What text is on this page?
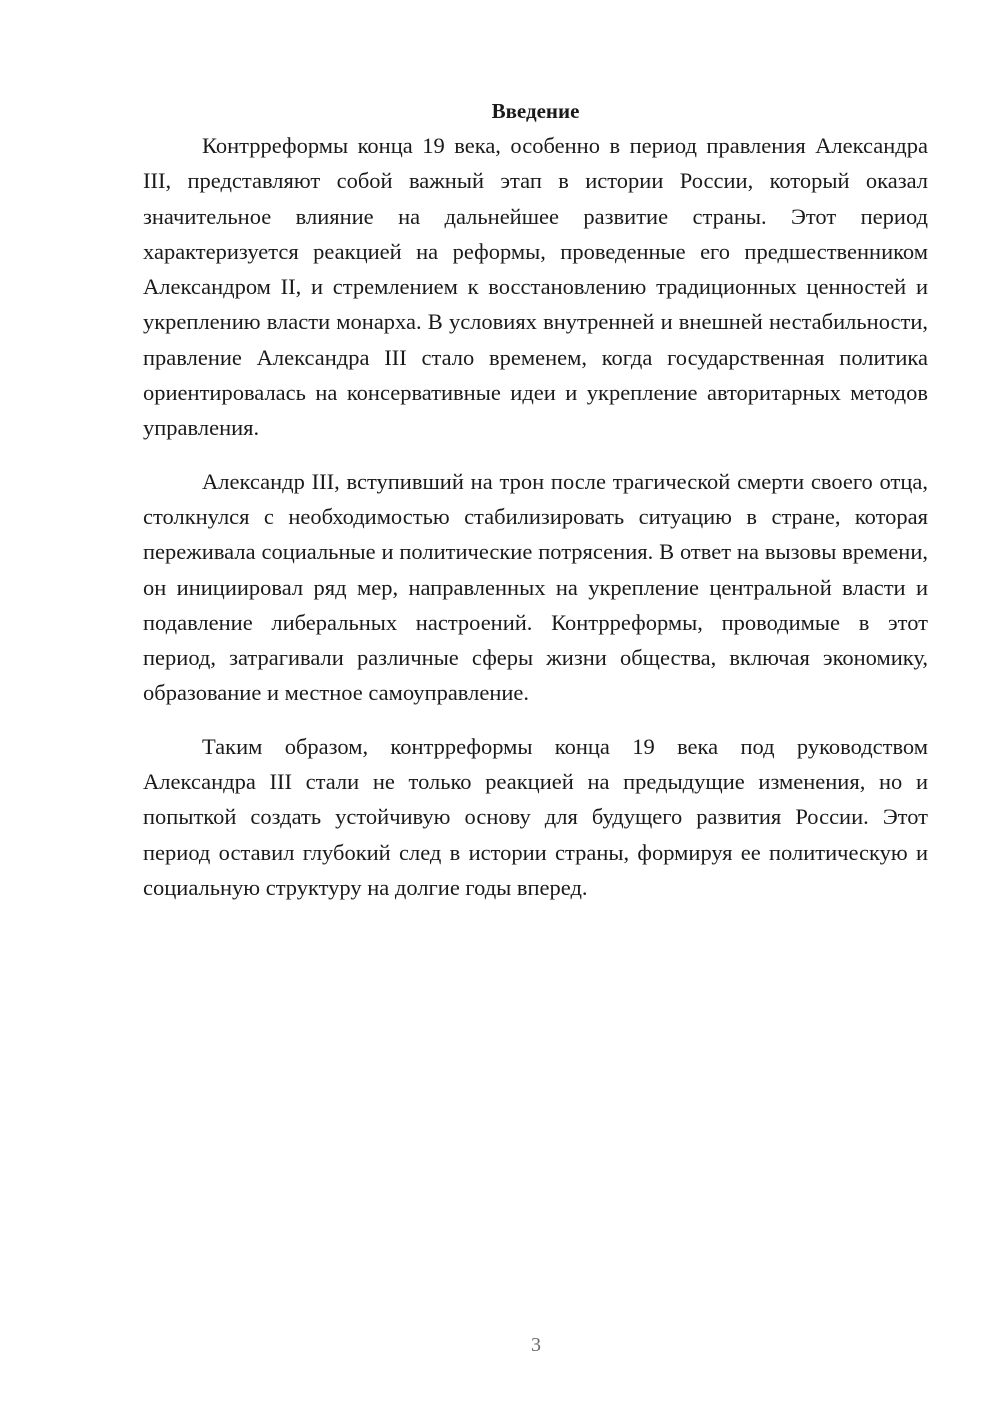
Введение

Контрреформы конца 19 века, особенно в период правления Александра III, представляют собой важный этап в истории России, который оказал значительное влияние на дальнейшее развитие страны. Этот период характеризуется реакцией на реформы, проведенные его предшественником Александром II, и стремлением к восстановлению традиционных ценностей и укреплению власти монарха. В условиях внутренней и внешней нестабильности, правление Александра III стало временем, когда государственная политика ориентировалась на консервативные идеи и укрепление авторитарных методов управления.

Александр III, вступивший на трон после трагической смерти своего отца, столкнулся с необходимостью стабилизировать ситуацию в стране, которая переживала социальные и политические потрясения. В ответ на вызовы времени, он инициировал ряд мер, направленных на укрепление центральной власти и подавление либеральных настроений. Контрреформы, проводимые в этот период, затрагивали различные сферы жизни общества, включая экономику, образование и местное самоуправление.

Таким образом, контрреформы конца 19 века под руководством Александра III стали не только реакцией на предыдущие изменения, но и попыткой создать устойчивую основу для будущего развития России. Этот период оставил глубокий след в истории страны, формируя ее политическую и социальную структуру на долгие годы вперед.

3
